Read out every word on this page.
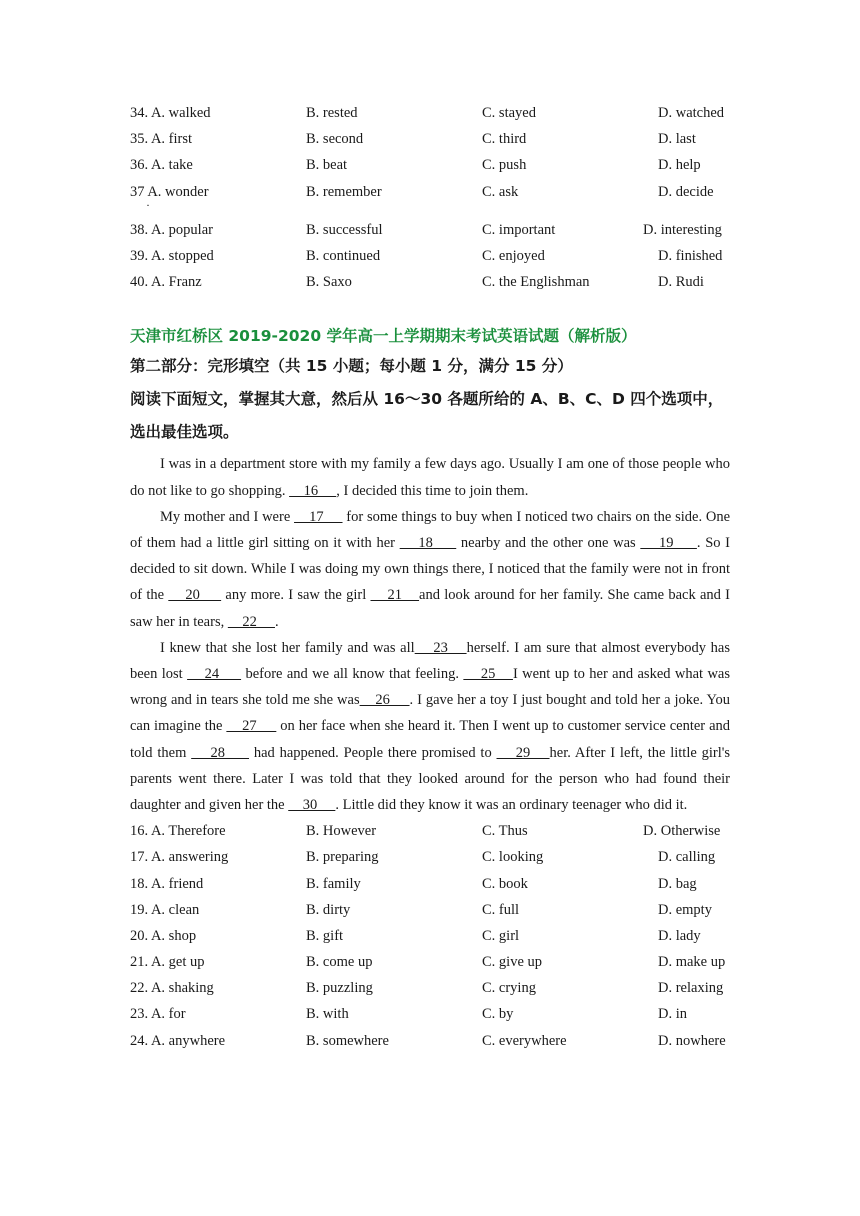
34. A. walked	B. rested	C. stayed	D. watched
35. A. first	B. second	C. third	D. last
36. A. take	B. beat	C. push	D. help
37 A. wonder	B. remember	C. ask	D. decide
·
38. A. popular	B. successful	C. important	D. interesting
39. A. stopped	B. continued	C. enjoyed	D. finished
40. A. Franz	B. Saxo	C. the Englishman	D. Rudi
天津市红桥区 2019-2020 学年高一上学期期末考试英语试题（解析版）
第二部分：完形填空（共 15 小题；每小题 1 分，满分 15 分）
阅读下面短文，掌握其大意，然后从 16～30 各题所给的 A、B、C、D 四个选项中，选出最佳选项。

I was in a department store with my family a few days ago. Usually I am one of those people who do not like to go shopping.     16     , I decided this time to join them.

My mother and I were     17      for some things to buy when I noticed two chairs on the side. One of them had a little girl sitting on it with her     18      nearby and the other one was     19     . So I decided to sit down. While I was doing my own things there, I noticed that the family were not in front of the     20      any more. I saw the girl     21    and look around for her family. She came back and I saw her in tears,     22     .

I knew that she lost her family and was all    23    herself. I am sure that almost everybody has been lost     24      before and we all know that feeling.     25    I went up to her and asked what was wrong and in tears she told me she was    26     . I gave her a toy I just bought and told her a joke. You can imagine the     27      on her face when she heard it. Then I went up to customer service center and told them     28      had happened. People there promised to     29    her. After I left, the little girl's parents went there. Later I was told that they looked around for the person who had found their daughter and given her the     30     . Little did they know it was an ordinary teenager who did it.

16. A. Therefore	B. However	C. Thus	D. Otherwise
17. A. answering	B. preparing	C. looking	D. calling
18. A. friend	B. family	C. book	D. bag
19. A. clean	B. dirty	C. full	D. empty
20. A. shop	B. gift	C. girl	D. lady
21. A. get up	B. come up	C. give up	D. make up
22. A. shaking	B. puzzling	C. crying	D. relaxing
23. A. for	B. with	C. by	D. in
24. A. anywhere	B. somewhere	C. everywhere	D. nowhere
